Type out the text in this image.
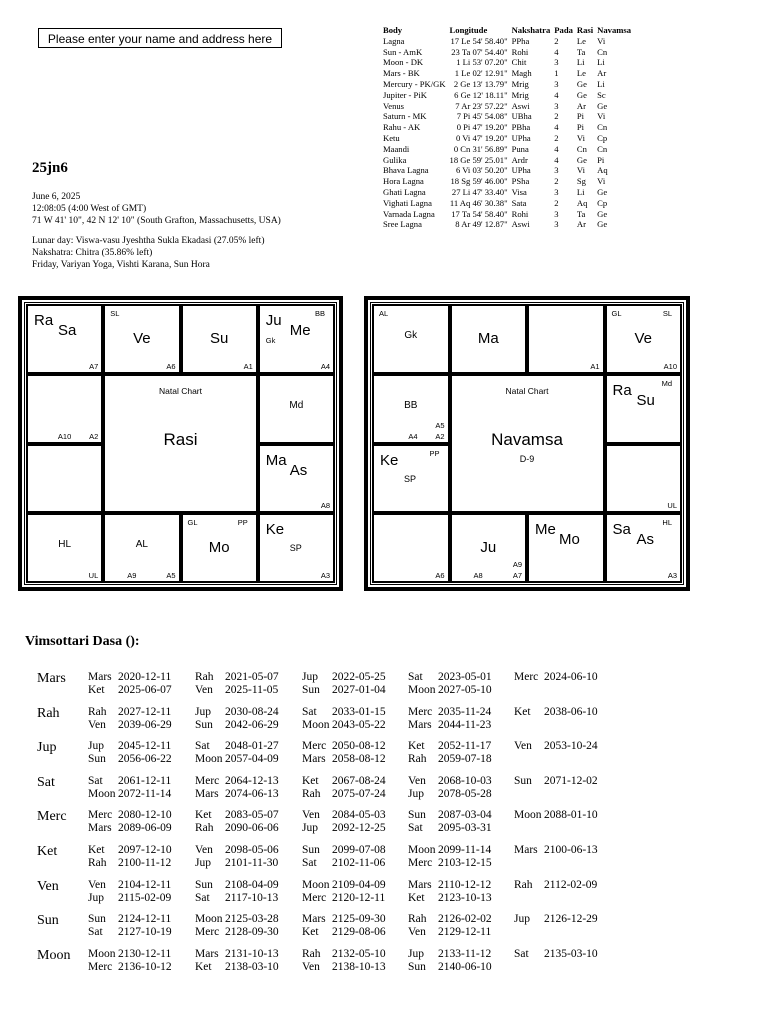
Please enter your name and address here
25jn6
June 6, 2025
12:08:05 (4:00 West of GMT)
71 W 41' 10", 42 N 12' 10" (South Grafton, Massachusetts, USA)
Lunar day: Viswa-vasu Jyeshtha Sukla Ekadasi (27.05% left)
Nakshatra: Chitra (35.86% left)
Friday, Variyan Yoga, Vishti Karana, Sun Hora
Body	Longitude	Nakshatra	Pada	Rasi	Navamsa
Lagna	17 Le 54' 58.40"	PPha	2	Le	Vi
Sun - AmK	23 Ta 07' 54.40"	Rohi	4	Ta	Cn
Moon - DK	1 Li 53' 07.20"	Chit	3	Li	Li
Mars - BK	1 Le 02' 12.91"	Magh	1	Le	Ar
Mercury - PK/GK	2 Ge 13' 13.79"	Mrig	3	Ge	Li
Jupiter - PiK	6 Ge 12' 18.11"	Mrig	4	Ge	Sc
Venus	7 Ar 23' 57.22"	Aswi	3	Ar	Ge
Saturn - MK	7 Pi 45' 54.08"	UBha	2	Pi	Vi
Rahu - AK	0 Pi 47' 19.20"	PBha	4	Pi	Cn
Ketu	0 Vi 47' 19.20"	UPha	2	Vi	Cp
Maandi	0 Cn 31' 56.89"	Puna	4	Cn	Cn
Gulika	18 Ge 59' 25.01"	Ardr	4	Ge	Pi
Bhava Lagna	6 Vi 03' 50.20"	UPha	3	Vi	Aq
Hora Lagna	18 Sg 59' 46.00"	PSha	2	Sg	Vi
Ghati Lagna	27 Li 47' 33.40"	Visa	3	Li	Ge
Vighati Lagna	11 Aq 46' 30.38"	Sata	2	Aq	Cp
Varnada Lagna	17 Ta 54' 58.40"	Rohi	3	Ta	Ge
Sree Lagna	8 Ar 49' 12.87"	Aswi	3	Ar	Ge
Ra
Sa
A7
Ve
SL
A6
Su
A1
Ju
Me
Gk
BB
A4
A2
A10
Md
Ma
As
A8
HL
UL
AL
A5
A9
Mo
GL	PP Ke
SP
A3
Natal Chart
Rasi
Gk
AL
Ma
A1
Ve
GL	SL
A10
BB
A2
A5
A4
Ra
Su
Md
Ke
SP
PP
UL
A6
Ju
A7
A9
A8
Me
Mo
Sa
As
HL
A3
Natal Chart
Navamsa
D-9
Vimsottari Dasa ():
Mars Mars 2020-12-11 Rah 2021-05-07 Jup 2022-05-25 Sat 2023-05-01 Merc 2024-06-10
Ket 2025-06-07 Ven 2025-11-05 Sun 2027-01-04 Moon 2027-05-10
Rah Rah 2027-12-11 Jup 2030-08-24 Sat 2033-01-15 Merc 2035-11-24 Ket 2038-06-10
Ven 2039-06-29 Sun 2042-06-29 Moon 2043-05-22 Mars 2044-11-23
Jup	Jup 2045-12-11 Sat 2048-01-27 Merc 2050-08-12 Ket 2052-11-17 Ven 2053-10-24
Sun 2056-06-22 Moon 2057-04-09 Mars 2058-08-12 Rah 2059-07-18
Sat	Sat 2061-12-11 Merc 2064-12-13 Ket 2067-08-24 Ven 2068-10-03 Sun 2071-12-02
Moon 2072-11-14 Mars 2074-06-13 Rah 2075-07-24 Jup 2078-05-28
Merc Merc 2080-12-10 Ket 2083-05-07 Ven 2084-05-03 Sun 2087-03-04 Moon 2088-01-10
Mars 2089-06-09 Rah 2090-06-06 Jup 2092-12-25 Sat 2095-03-31
Ket	Ket 2097-12-10 Ven 2098-05-06 Sun 2099-07-08 Moon 2099-11-14 Mars 2100-06-13
Rah 2100-11-12 Jup 2101-11-30 Sat 2102-11-06 Merc 2103-12-15
Ven	Ven 2104-12-11 Sun 2108-04-09 Moon 2109-04-09 Mars 2110-12-12 Rah 2112-02-09
Jup 2115-02-09 Sat 2117-10-13 Merc 2120-12-11 Ket 2123-10-13
Sun	Sun 2124-12-11 Moon 2125-03-28 Mars 2125-09-30 Rah 2126-02-02 Jup 2126-12-29
Sat 2127-10-19 Merc 2128-09-30 Ket 2129-08-06 Ven 2129-12-11
Moon Moon 2130-12-11 Mars 2131-10-13 Rah 2132-05-10 Jup 2133-11-12 Sat 2135-03-10
Merc 2136-10-12 Ket 2138-03-10 Ven 2138-10-13 Sun 2140-06-10
